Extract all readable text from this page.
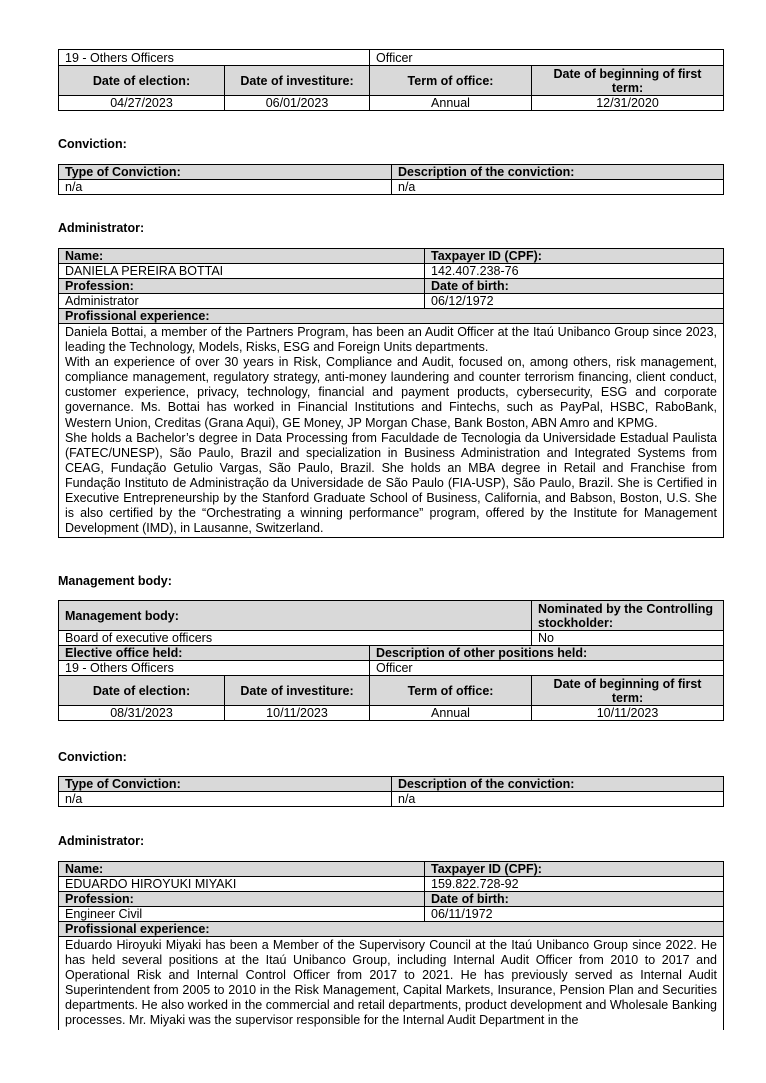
19 - Others Officers		Officer	
Date of election:	Date of investiture:	Term of office:	Date of beginning of first term:
04/27/2023	06/01/2023	Annual	12/31/2020
Conviction:
Type of Conviction:	Description of the conviction:
n/a	n/a
Administrator:
Name:	Taxpayer ID (CPF):
DANIELA PEREIRA BOTTAI	142.407.238-76
Profession:	Date of birth:
Administrator	06/12/1972
Profissional experience:	

Daniela Bottai, a member of the Partners Program, has been an Audit Officer at the Itaú Unibanco Group since 2023, leading the Technology, Models, Risks, ESG and Foreign Units departments.

With an experience of over 30 years in Risk, Compliance and Audit, focused on, among others, risk management, compliance management, regulatory strategy, anti-money laundering and counter terrorism financing, client conduct, customer experience, privacy, technology, financial and payment products, cybersecurity, ESG and corporate governance. Ms. Bottai has worked in Financial Institutions and Fintechs, such as PayPal, HSBC, RaboBank, Western Union, Creditas (Grana Aqui), GE Money, JP Morgan Chase, Bank Boston, ABN Amro and KPMG.

She holds a Bachelor’s degree in Data Processing from Faculdade de Tecnologia da Universidade Estadual Paulista (FATEC/UNESP), São Paulo, Brazil and specialization in Business Administration and Integrated Systems from CEAG, Fundação Getulio Vargas, São Paulo, Brazil. She holds an MBA degree in Retail and Franchise from Fundação Instituto de Administração da Universidade de São Paulo (FIA-USP), São Paulo, Brazil. She is Certified in Executive Entrepreneurship by the Stanford Graduate School of Business, California, and Babson, Boston, U.S. She is also certified by the “Orchestrating a winning performance” program, offered by the Institute for Management Development (IMD), in Lausanne, Switzerland.	

Management body:
Management body:			Nominated by the Controlling stockholder:
Board of executive officers			No
Elective office held:		Description of other positions held:	
19 - Others Officers		Officer	
Date of election:	Date of investiture:	Term of office:	Date of beginning of first term:
08/31/2023	10/11/2023	Annual	10/11/2023
Conviction:
Type of Conviction:	Description of the conviction:
n/a	n/a
Administrator:
Name:	Taxpayer ID (CPF):
EDUARDO HIROYUKI MIYAKI	159.822.728-92
Profession:	Date of birth:
Engineer Civil	06/11/1972
Profissional experience:	

Eduardo Hiroyuki Miyaki has been a Member of the Supervisory Council at the Itaú Unibanco Group since 2022. He has held several positions at the Itaú Unibanco Group, including Internal Audit Officer from 2010 to 2017 and Operational Risk and Internal Control Officer from 2017 to 2021. He has previously served as Internal Audit Superintendent from 2005 to 2010 in the Risk Management, Capital Markets, Insurance, Pension Plan and Securities departments. He also worked in the commercial and retail departments, product development and Wholesale Banking processes. Mr. Miyaki was the supervisor responsible for the Internal Audit Department in the	
